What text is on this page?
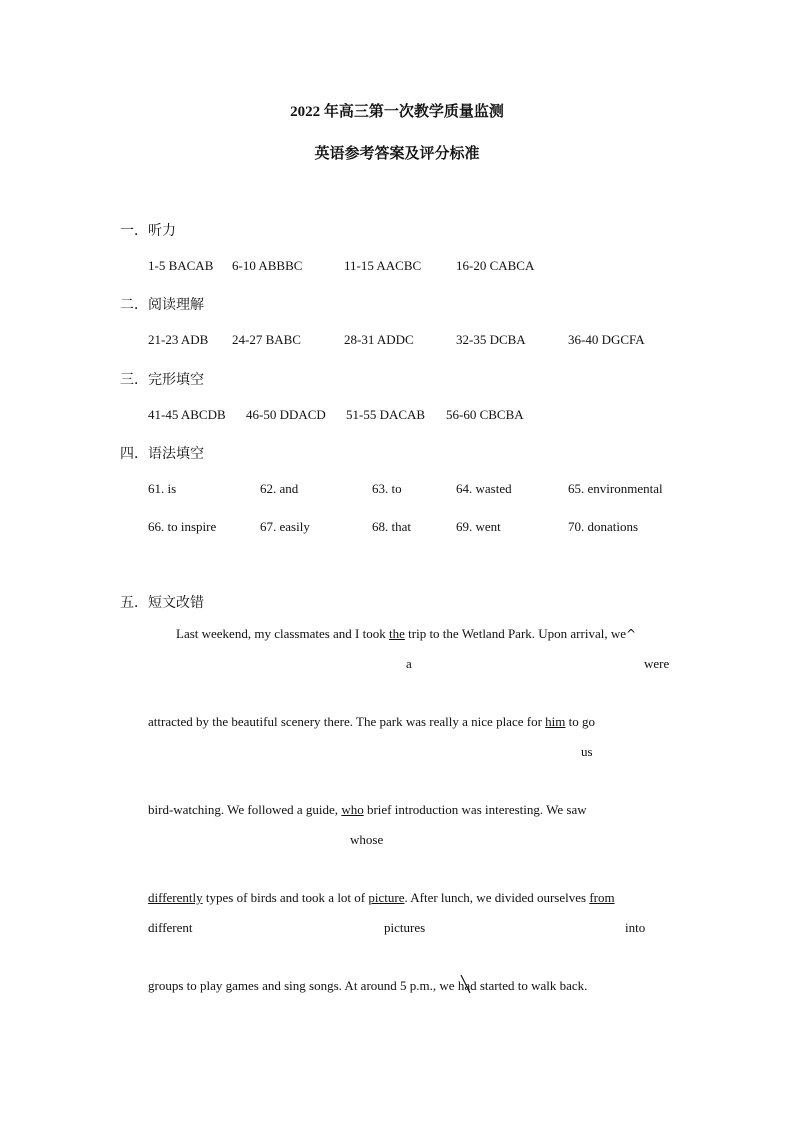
2022 年高三第一次教学质量监测
英语参考答案及评分标准
一．听力
1-5 BACAB 6-10 ABBBC	11-15 AACBC	16-20 CABCA
二．阅读理解
21-23 ADB 24-27 BABC	28-31 ADDC	32-35 DCBA	36-40 DGCFA
三．完形填空
41-45 ABCDB 46-50 DDACD 51-55 DACAB 56-60 CBCBA
四．语法填空
61. is	62. and	63. to	64. wasted	65. environmental
66. to inspire	67. easily	68. that	69. went	70. donations
五．短文改错
Last weekend, my classmates and I took the trip to the Wetland Park. Upon arrival, we^
a	were
attracted by the beautiful scenery there. The park was really a nice place for him to go
us
bird-watching. We followed a guide, who brief introduction was interesting. We saw
whose
differently types of birds and took a lot of picture. After lunch, we divided ourselves from
different	pictures	into
groups to play games and sing songs. At around 5 p.m., we had
started to walk back.
